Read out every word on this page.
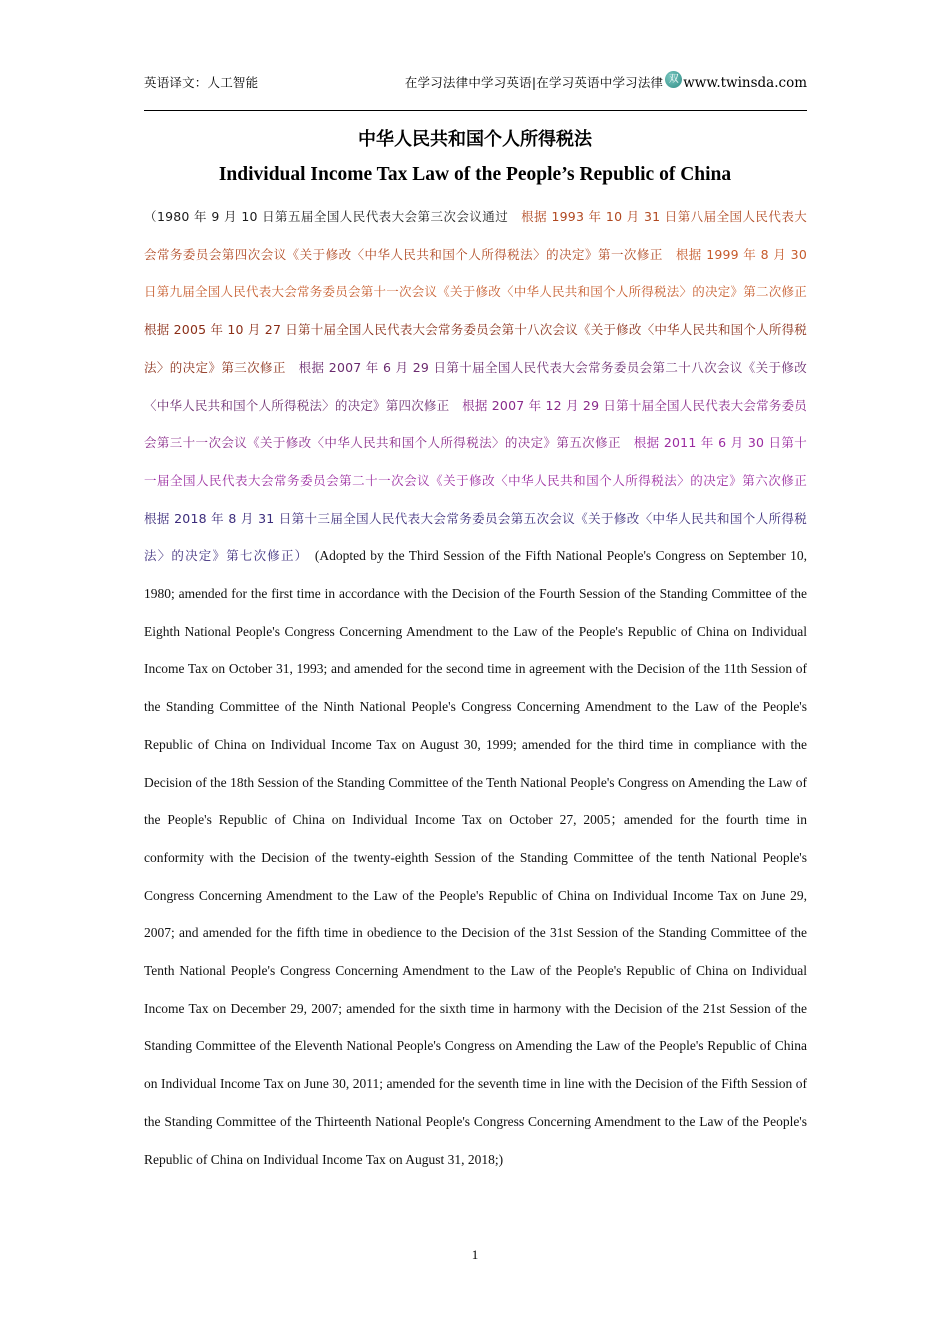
英语译文：人工智能	在学习法律中学习英语|在学习英语中学习法律 双 www.twinsda.com
中华人民共和国个人所得税法
Individual Income Tax Law of the People’s Republic of China
（1980 年 9 月 10 日第五届全国人民代表大会第三次会议通过　根据 1993 年 10 月 31 日第八届全国人民代表大会常务委员会第四次会议《关于修改〈中华人民共和国个人所得税法〉的决定》第一次修正　根据 1999 年 8 月 30 日第九届全国人民代表大会常务委员会第十一次会议《关于修改〈中华人民共和国个人所得税法〉的决定》第二次修正　根据 2005 年 10 月 27 日第十届全国人民代表大会常务委员会第十八次会议《关于修改〈中华人民共和国个人所得税法〉的决定》第三次修正　根据 2007 年 6 月 29 日第十届全国人民代表大会常务委员会第二十八次会议《关于修改〈中华人民共和国个人所得税法〉的决定》第四次修正　根据 2007 年 12 月 29 日第十届全国人民代表大会常务委员会第三十一次会议《关于修改〈中华人民共和国个人所得税法〉的决定》第五次修正　根据 2011 年 6 月 30 日第十一届全国人民代表大会常务委员会第二十一次会议《关于修改〈中华人民共和国个人所得税法〉的决定》第六次修正　根据 2018 年 8 月 31 日第十三届全国人民代表大会常务委员会第五次会议《关于修改〈中华人民共和国个人所得税法〉的决定》第七次修正）  (Adopted by the Third Session of the Fifth National People's Congress on September 10, 1980; amended for the first time in accordance with the Decision of the Fourth Session of the Standing Committee of the Eighth National People's Congress Concerning Amendment to the Law of the People's Republic of China on Individual Income Tax on October 31, 1993; and amended for the second time in agreement with the Decision of the 11th Session of the Standing Committee of the Ninth National People's Congress Concerning Amendment to the Law of the People's Republic of China on Individual Income Tax on August 30, 1999; amended for the third time in compliance with the Decision of the 18th Session of the Standing Committee of the Tenth National People's Congress on Amending the Law of the People's Republic of China on Individual Income Tax on October 27, 2005；amended for the fourth time in conformity with the Decision of the twenty-eighth Session of the Standing Committee of the tenth National People's Congress Concerning Amendment to the Law of the People's Republic of China on Individual Income Tax on June 29, 2007; and amended for the fifth time in obedience to the Decision of the 31st Session of the Standing Committee of the Tenth National People's Congress Concerning Amendment to the Law of the People's Republic of China on Individual Income Tax on December 29, 2007; amended for the sixth time in harmony with the Decision of the 21st Session of the Standing Committee of the Eleventh National People's Congress on Amending the Law of the People's Republic of China on Individual Income Tax on June 30, 2011; amended for the seventh time in line with the Decision of the Fifth Session of the Standing Committee of the Thirteenth National People's Congress Concerning Amendment to the Law of the People's Republic of China on Individual Income Tax on August 31, 2018;)
1
